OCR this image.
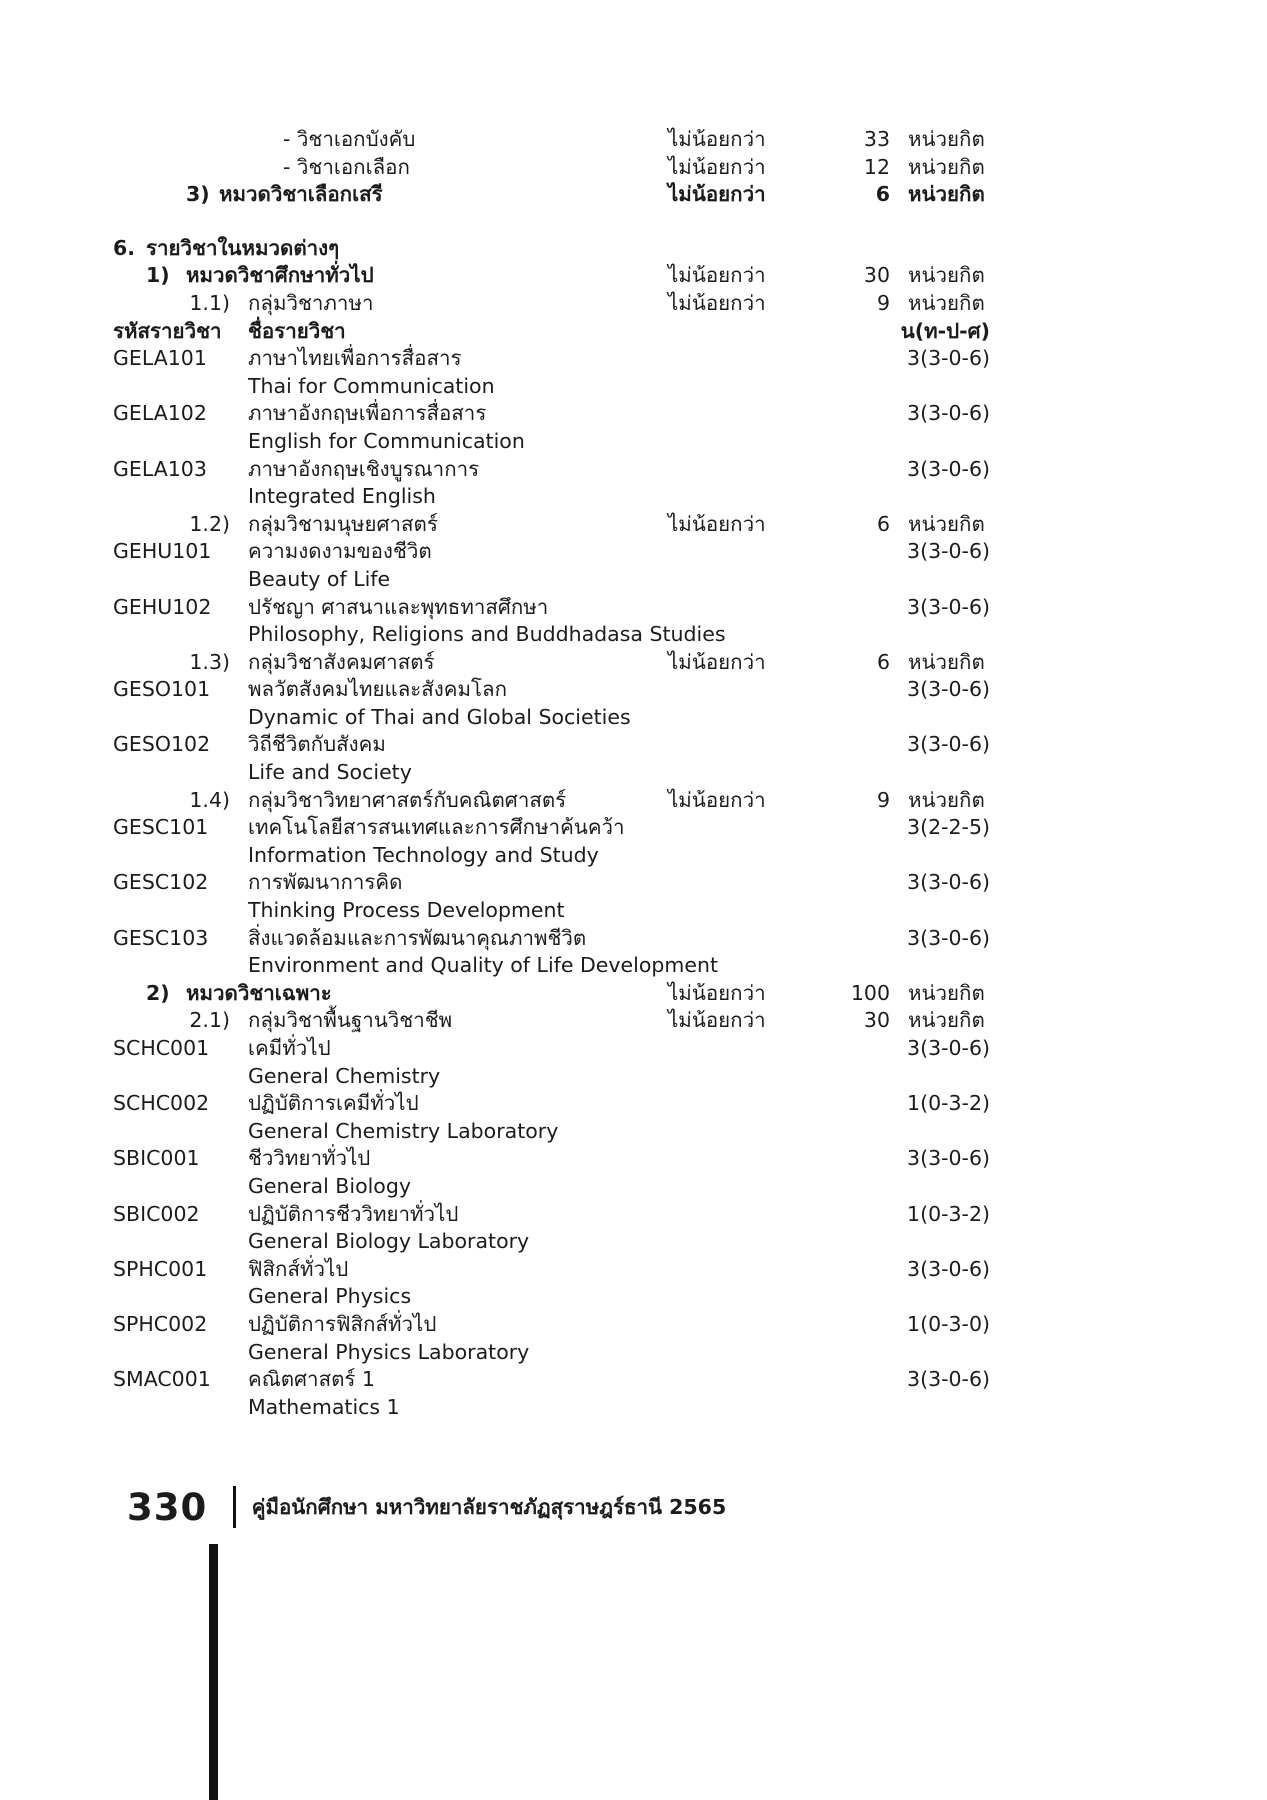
- วิชาเอกบังคับ	ไม่น้อยกว่า	33 หน่วยกิต
- วิชาเอกเลือก	ไม่น้อยกว่า	12 หน่วยกิต
3) หมวดวิชาเลือกเสรี	ไม่น้อยกว่า	6 หน่วยกิต
6. รายวิชาในหมวดต่างๆ
1) หมวดวิชาศึกษาทั่วไป	ไม่น้อยกว่า	30 หน่วยกิต
1.1) กลุ่มวิชาภาษา	ไม่น้อยกว่า	9 หน่วยกิต
รหัสรายวิชา	ชื่อรายวิชา	น(ท-ป-ศ)
GELA101	ภาษาไทยเพื่อการสื่อสาร	3(3-0-6)
Thai for Communication
GELA102	ภาษาอังกฤษเพื่อการสื่อสาร	3(3-0-6)
English for Communication
GELA103	ภาษาอังกฤษเชิงบูรณาการ	3(3-0-6)
Integrated English
1.2) กลุ่มวิชามนุษยศาสตร์	ไม่น้อยกว่า	6 หน่วยกิต
GEHU101	ความงดงามของชีวิต	3(3-0-6)
Beauty of Life
GEHU102	ปรัชญา ศาสนาและพุทธทาสศึกษา	3(3-0-6)
Philosophy, Religions and Buddhadasa Studies
1.3) กลุ่มวิชาสังคมศาสตร์	ไม่น้อยกว่า	6 หน่วยกิต
GESO101	พลวัตสังคมไทยและสังคมโลก	3(3-0-6)
Dynamic of Thai and Global Societies
GESO102	วิถีชีวิตกับสังคม	3(3-0-6)
Life and Society
1.4) กลุ่มวิชาวิทยาศาสตร์กับคณิตศาสตร์	ไม่น้อยกว่า	9 หน่วยกิต
GESC101	เทคโนโลยีสารสนเทศและการศึกษาค้นคว้า	3(2-2-5)
Information Technology and Study
GESC102	การพัฒนาการคิด	3(3-0-6)
Thinking Process Development
GESC103	สิ่งแวดล้อมและการพัฒนาคุณภาพชีวิต	3(3-0-6)
Environment and Quality of Life Development
2) หมวดวิชาเฉพาะ	ไม่น้อยกว่า	100 หน่วยกิต
2.1) กลุ่มวิชาพื้นฐานวิชาชีพ	ไม่น้อยกว่า	30 หน่วยกิต
SCHC001	เคมีทั่วไป	3(3-0-6)
General Chemistry
SCHC002	ปฏิบัติการเคมีทั่วไป	1(0-3-2)
General Chemistry Laboratory
SBIC001	ชีววิทยาทั่วไป	3(3-0-6)
General Biology
SBIC002	ปฏิบัติการชีววิทยาทั่วไป	1(0-3-2)
General Biology Laboratory
SPHC001	ฟิสิกส์ทั่วไป	3(3-0-6)
General Physics
SPHC002	ปฏิบัติการฟิสิกส์ทั่วไป	1(0-3-0)
General Physics Laboratory
SMAC001	คณิตศาสตร์ 1	3(3-0-6)
Mathematics 1
330 คู่มือนักศึกษา มหาวิทยาลัยราชภัฏสุราษฎร์ธานี 2565
